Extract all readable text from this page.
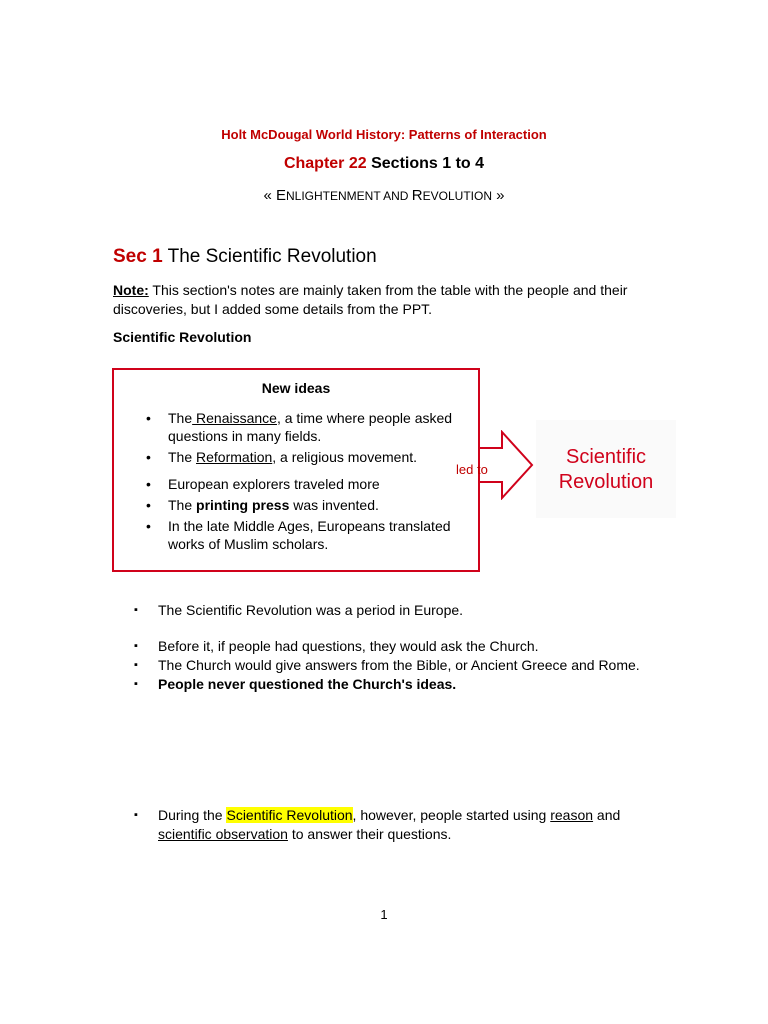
Holt McDougal World History: Patterns of Interaction
Chapter 22 Sections 1 to 4
« ENLIGHTENMENT AND REVOLUTION »
Sec 1 The Scientific Revolution
Note: This section's notes are mainly taken from the table with the people and their discoveries, but I added some details from the PPT.
Scientific Revolution
New ideas
• The Renaissance, a time where people asked questions in many fields.
• The Reformation, a religious movement.
• European explorers traveled more
• The printing press was invented.
• In the late Middle Ages, Europeans translated works of Muslim scholars.
led to
Scientific
Revolution
▪ The Scientific Revolution was a period in Europe.
▪ Before it, if people had questions, they would ask the Church.
▪ The Church would give answers from the Bible, or Ancient Greece and Rome.
▪ People never questioned the Church's ideas.
▪ During the Scientific Revolution, however, people started using reason and scientific observation to answer their questions.
1
